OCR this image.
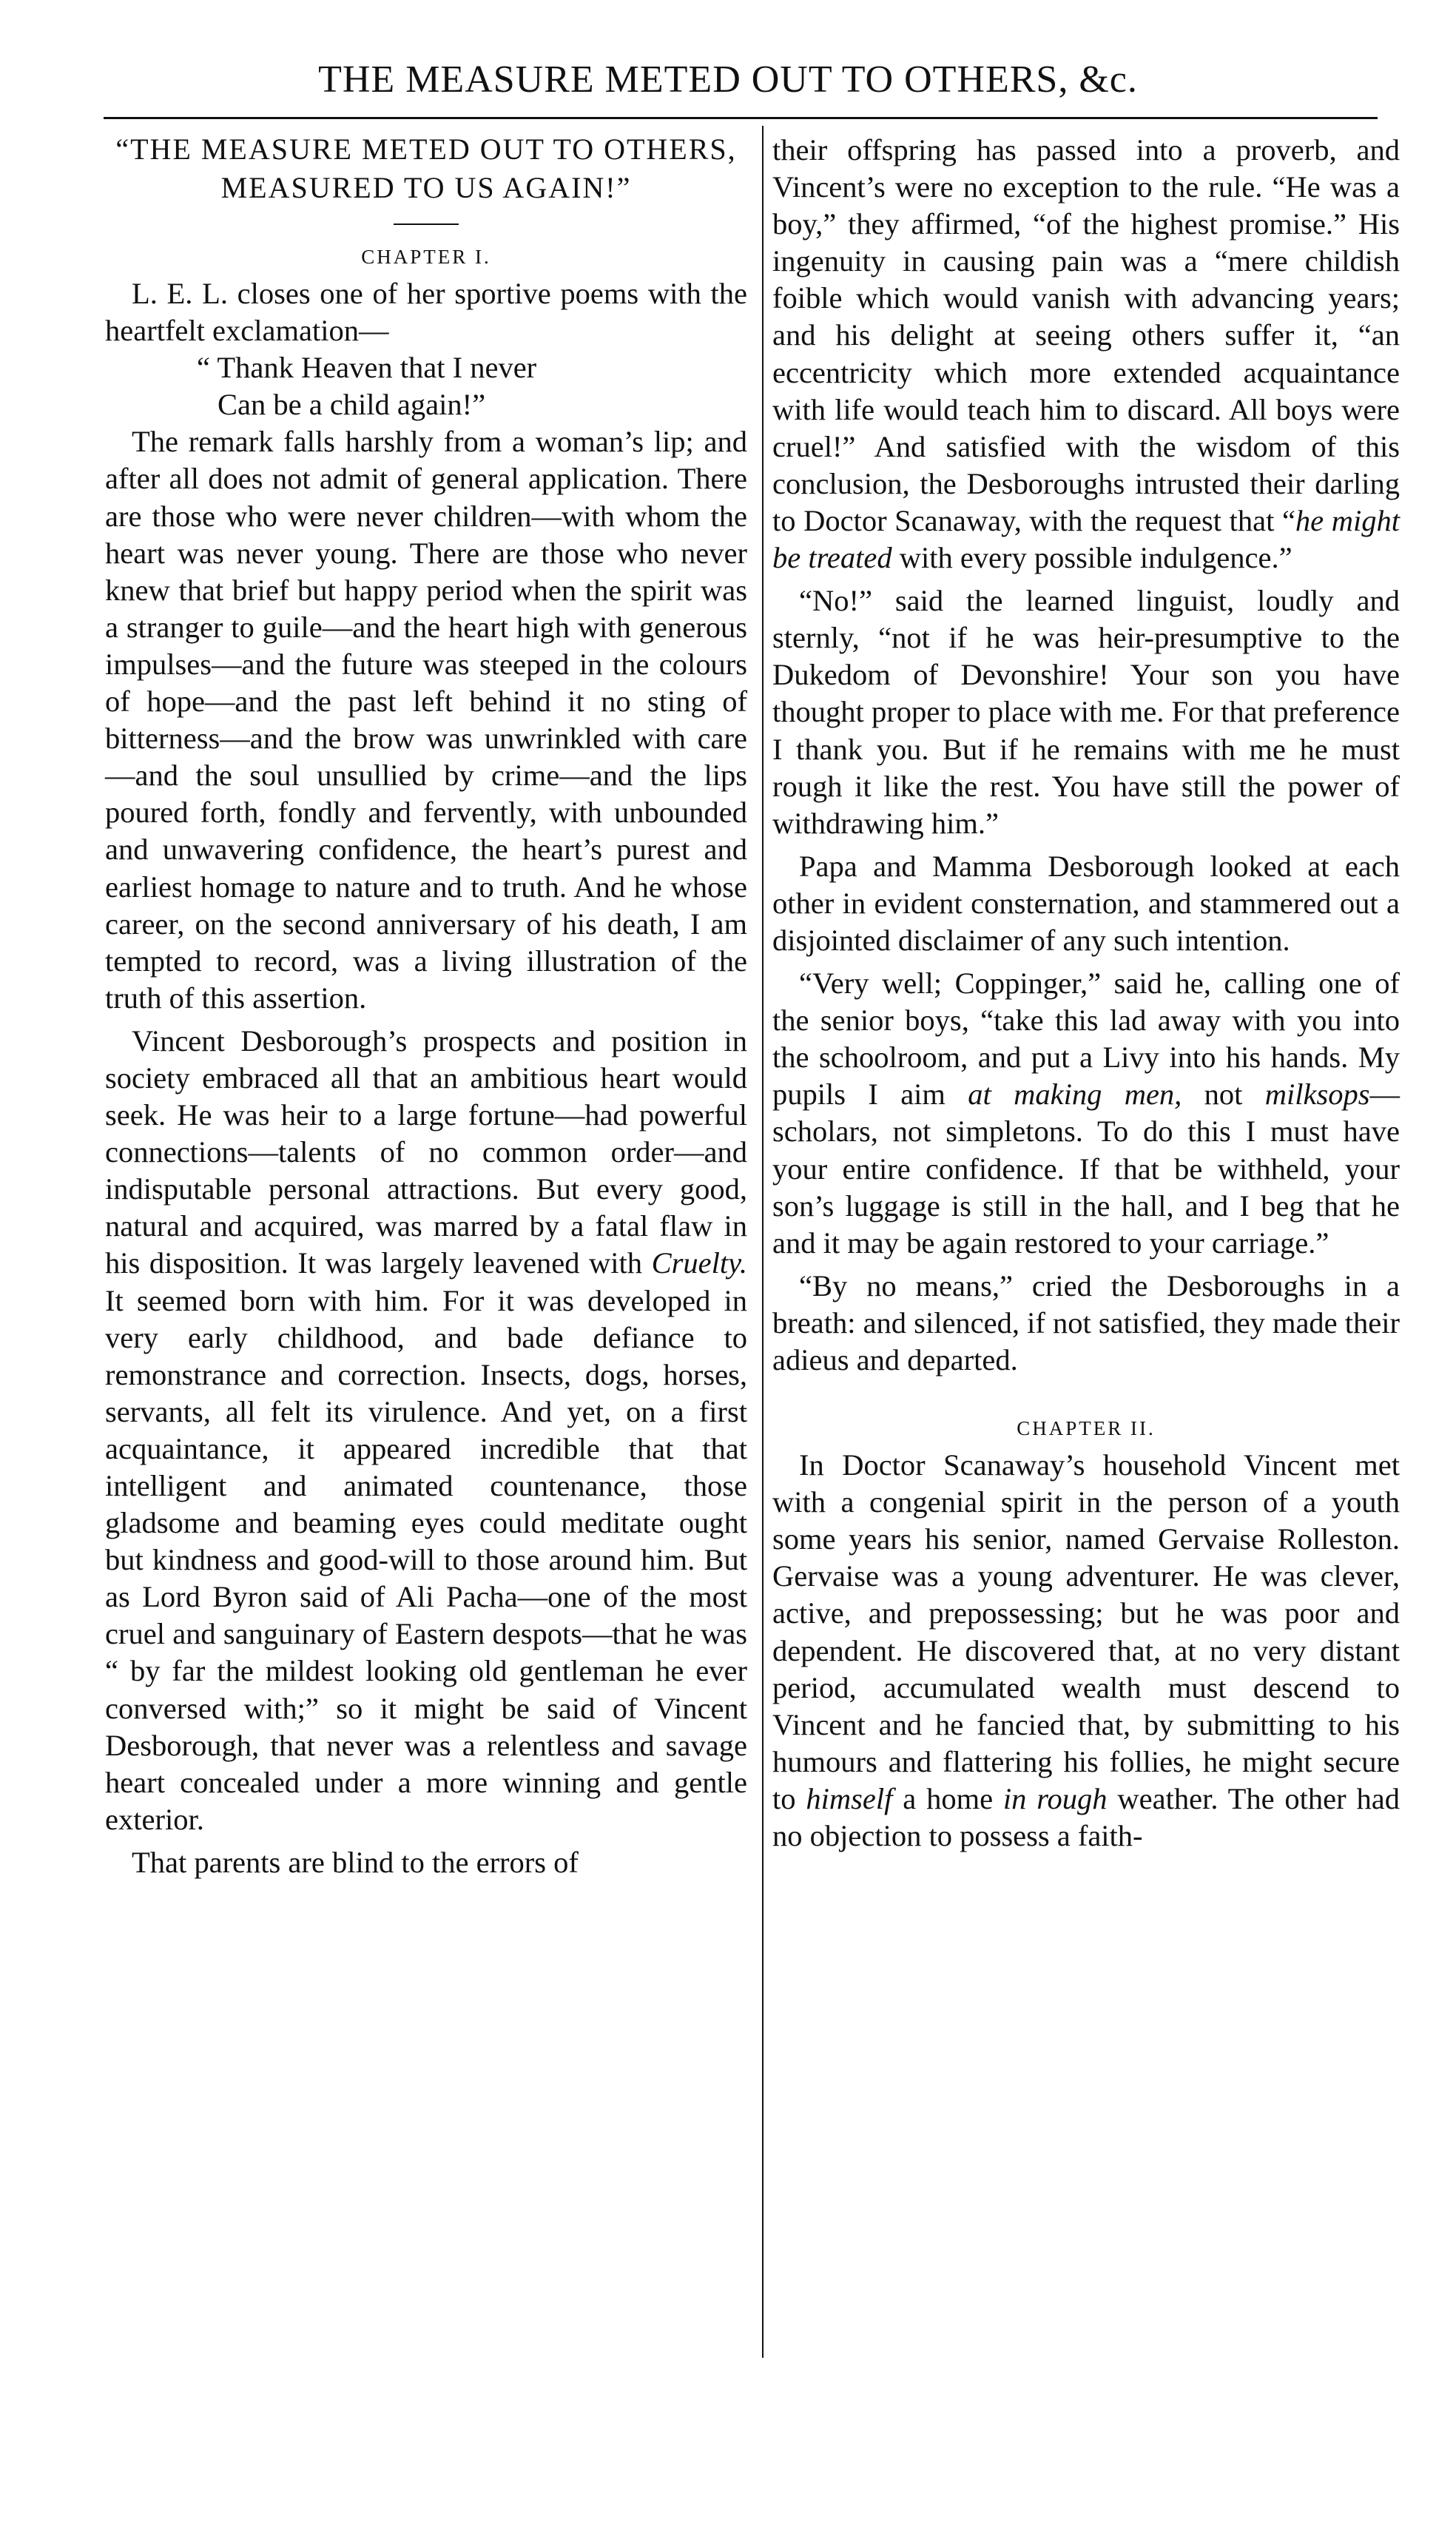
THE MEASURE METED OUT TO OTHERS, &c.

“THE MEASURE METED OUT TO OTHERS,
MEASURED TO US AGAIN!”

CHAPTER I.

L. E. L. closes one of her sportive poems with the heartfelt exclamation—

“ Thank Heaven that I never
Can be a child again!”

The remark falls harshly from a woman’s lip; and after all does not admit of general application. There are those who were never children—with whom the heart was never young. There are those who never knew that brief but happy period when the spirit was a stranger to guile—and the heart high with generous impulses—and the future was steeped in the colours of hope—and the past left behind it no sting of bitterness—and the brow was unwrinkled with care—and the soul unsullied by crime—and the lips poured forth, fondly and fervently, with unbounded and unwavering confidence, the heart’s purest and earliest homage to nature and to truth. And he whose career, on the second anniversary of his death, I am tempted to record, was a living illustration of the truth of this assertion.

Vincent Desborough’s prospects and position in society embraced all that an ambitious heart would seek. He was heir to a large fortune—had powerful connections—talents of no common order—and indisputable personal attractions. But every good, natural and acquired, was marred by a fatal flaw in his disposition. It was largely leavened with Cruelty. It seemed born with him. For it was developed in very early childhood, and bade defiance to remonstrance and correction. Insects, dogs, horses, servants, all felt its virulence. And yet, on a first acquaintance, it appeared incredible that that intelligent and animated countenance, those gladsome and beaming eyes could meditate ought but kindness and good-will to those around him. But as Lord Byron said of Ali Pacha—one of the most cruel and sanguinary of Eastern despots—that he was “ by far the mildest looking old gentleman he ever conversed with;” so it might be said of Vincent Desborough, that never was a relentless and savage heart concealed under a more winning and gentle exterior.

That parents are blind to the errors of

their offspring has passed into a proverb, and Vincent’s were no exception to the rule. “He was a boy,” they affirmed, “of the highest promise.” His ingenuity in causing pain was a “mere childish foible which would vanish with advancing years; and his delight at seeing others suffer it, “an eccentricity which more extended acquaintance with life would teach him to discard. All boys were cruel!” And satisfied with the wisdom of this conclusion, the Desboroughs intrusted their darling to Doctor Scanaway, with the request that “he might be treated with every possible indulgence.”

“No!” said the learned linguist, loudly and sternly, “not if he was heir-presumptive to the Dukedom of Devonshire! Your son you have thought proper to place with me. For that preference I thank you. But if he remains with me he must rough it like the rest. You have still the power of withdrawing him.”

Papa and Mamma Desborough looked at each other in evident consternation, and stammered out a disjointed disclaimer of any such intention.

“Very well; Coppinger,” said he, calling one of the senior boys, “take this lad away with you into the schoolroom, and put a Livy into his hands. My pupils I aim at making men, not milksops—scholars, not simpletons. To do this I must have your entire confidence. If that be withheld, your son’s luggage is still in the hall, and I beg that he and it may be again restored to your carriage.”

“By no means,” cried the Desboroughs in a breath: and silenced, if not satisfied, they made their adieus and departed.

CHAPTER II.

In Doctor Scanaway’s household Vincent met with a congenial spirit in the person of a youth some years his senior, named Gervaise Rolleston. Gervaise was a young adventurer. He was clever, active, and prepossessing; but he was poor and dependent. He discovered that, at no very distant period, accumulated wealth must descend to Vincent and he fancied that, by submitting to his humours and flattering his follies, he might secure to himself a home in rough weather. The other had no objection to possess a faith-
